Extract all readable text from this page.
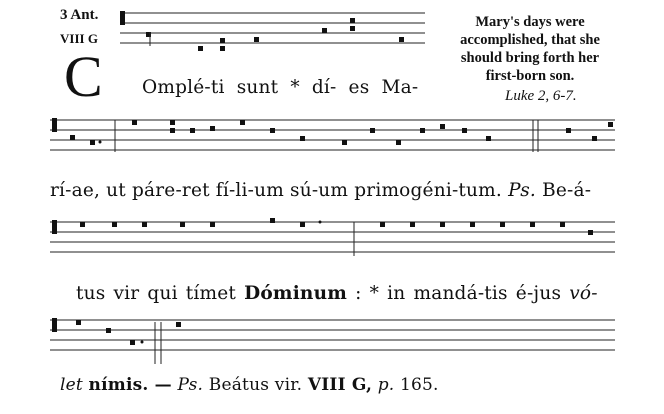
3 Ant.
VIII G
C
Mary's days were
accomplished, that she
should bring forth her
first-born son.
Luke 2, 6-7.
Omplé-ti sunt * dí- es Ma-
rí-ae, ut páre-ret fí-li-um sú-um primogéni-tum. Ps. Be-á-
tus vir qui tímet Dóminum : * in mandá-tis é-jus vó-
let nímis. — Ps. Beátus vir. VIII G, p. 165.
